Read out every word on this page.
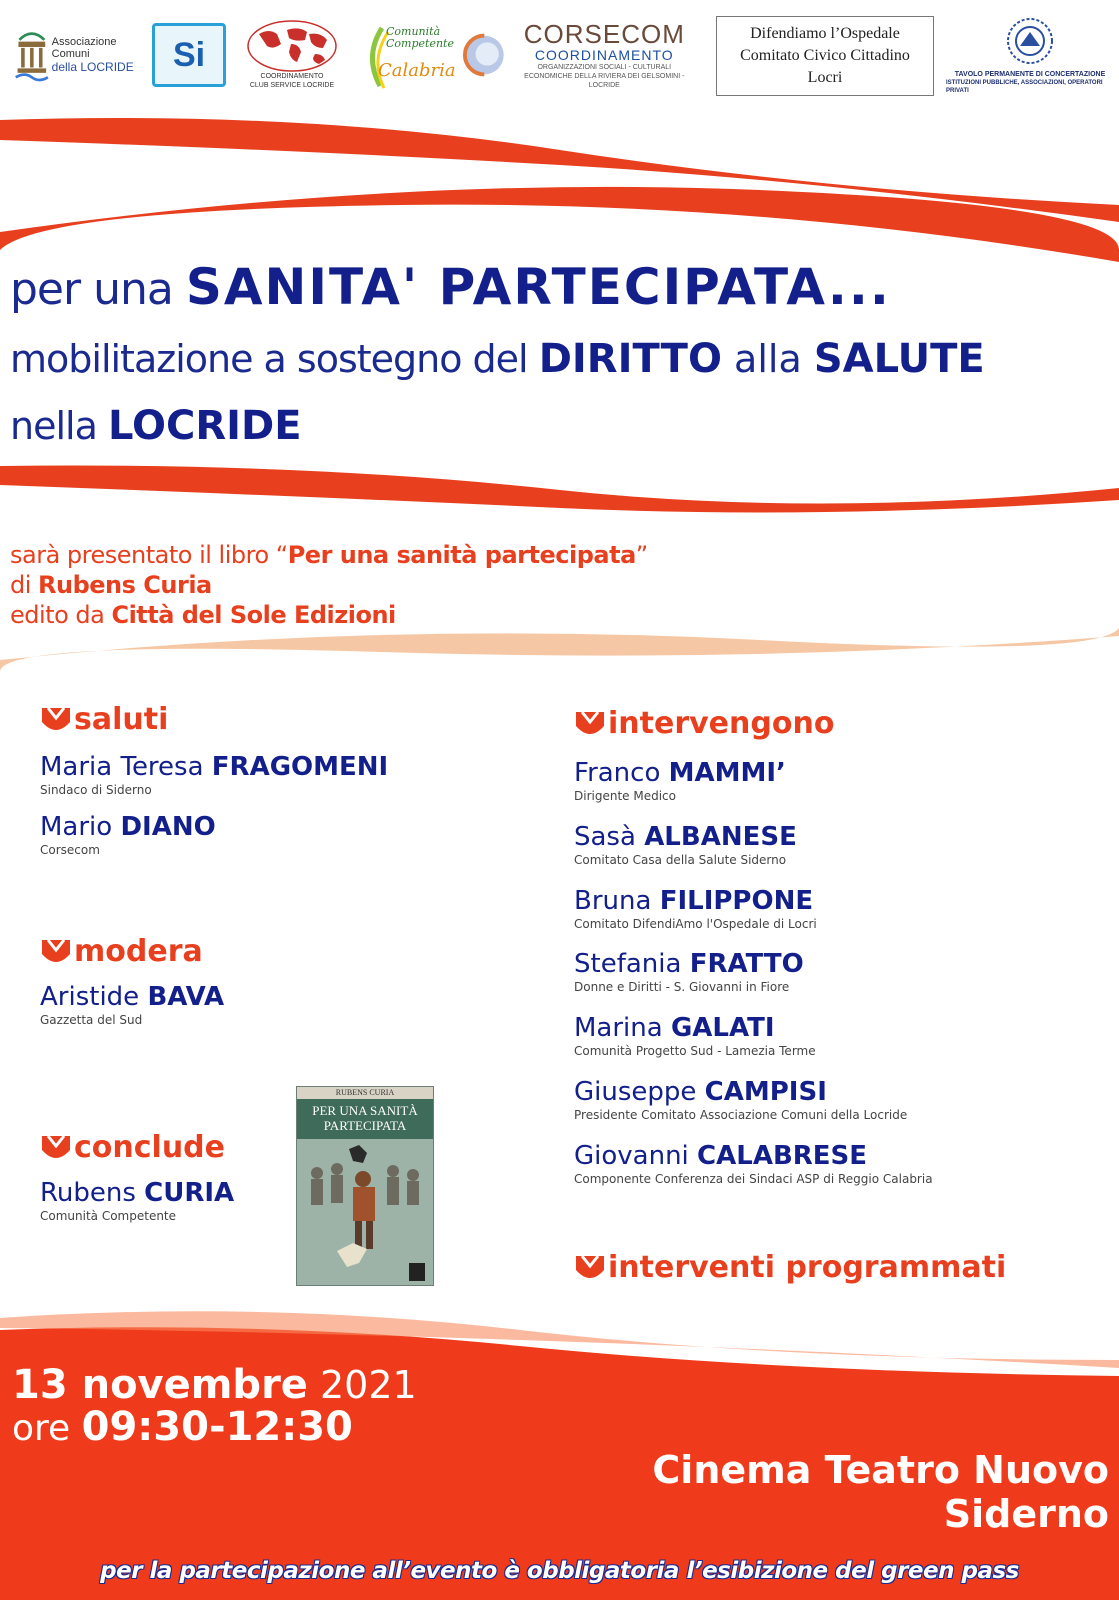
Associazione Comuni
della LOCRIDE	Si
COORDINAMENTO
CLUB SERVICE LOCRIDE
Comunità
Competente
Calabria
CORSECOM
COORDINAMENTO
ORGANIZZAZIONI SOCIALI - CULTURALI
ECONOMICHE DELLA RIVIERA DEI GELSOMINI - LOCRIDE
Difendiamo l’Ospedale
Comitato Civico Cittadino
Locri	TAVOLO PERMANENTE DI CONCERTAZIONE
ISTITUZIONI PUBBLICHE, ASSOCIAZIONI, OPERATORI PRIVATI
per una SANITA' PARTECIPATA...
mobilitazione a sostegno del DIRITTO alla SALUTE
nella LOCRIDE
sarà presentato il libro “Per una sanità partecipata”
di Rubens Curia
edito da Città del Sole Edizioni
saluti
Maria Teresa FRAGOMENI
Sindaco di Siderno
Mario DIANO
Corsecom
modera
Aristide BAVA
Gazzetta del Sud
conclude
Rubens CURIA
Comunità Competente
RUBENS CURIA
PER UNA SANITÀ
PARTECIPATA
intervengono
Franco MAMMI’
Dirigente Medico
Sasà ALBANESE
Comitato Casa della Salute Siderno
Bruna FILIPPONE
Comitato DifendiAmo l'Ospedale di Locri
Stefania FRATTO
Donne e Diritti - S. Giovanni in Fiore
Marina GALATI
Comunità Progetto Sud - Lamezia Terme
Giuseppe CAMPISI
Presidente Comitato Associazione Comuni della Locride
Giovanni CALABRESE
Componente Conferenza dei Sindaci ASP di Reggio Calabria
interventi programmati
13 novembre 2021
ore 09:30-12:30
Cinema Teatro Nuovo
Siderno
per la partecipazione all’evento è obbligatoria l’esibizione del green pass
